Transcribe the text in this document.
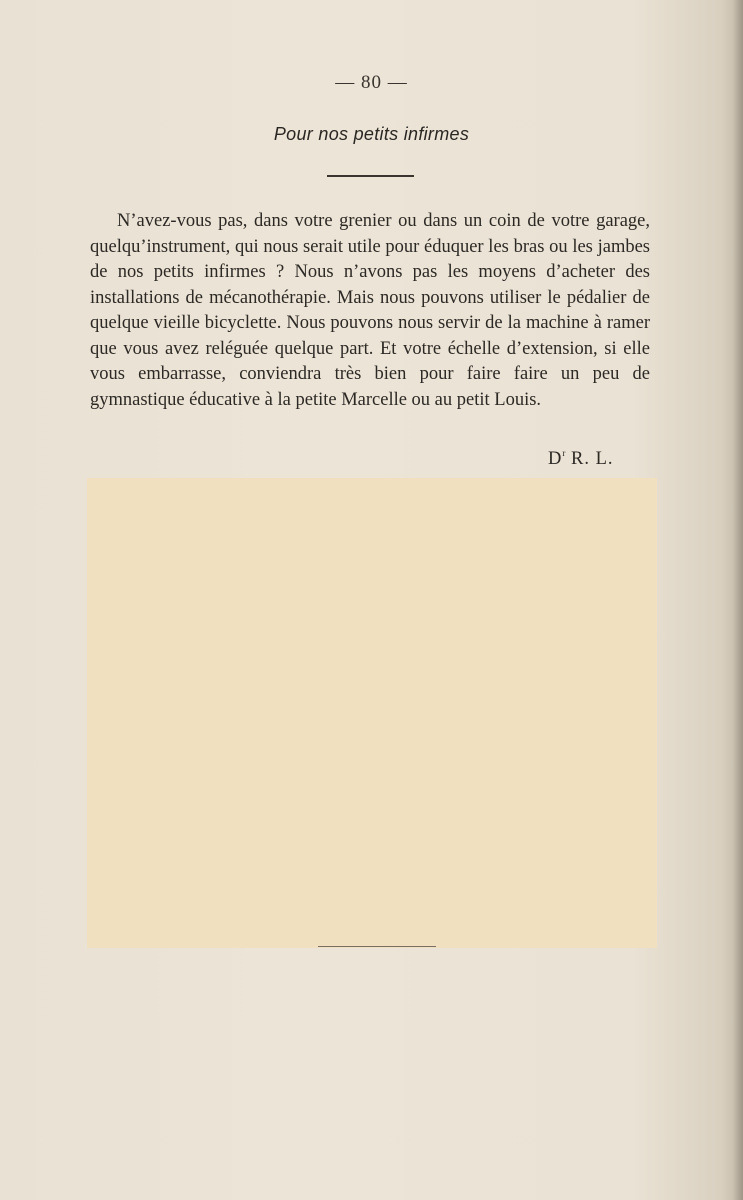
— 80 —
Pour nos petits infirmes

N’avez-vous pas, dans votre grenier ou dans un coin de votre garage, quelqu’instrument, qui nous serait utile pour éduquer les bras ou les jambes de nos petits infirmes ? Nous n’avons pas les moyens d’acheter des installations de mécanothérapie. Mais nous pouvons utiliser le pédalier de quelque vieille bicyclette. Nous pouvons nous servir de la machine à ramer que vous avez reléguée quelque part. Et votre échelle d’extension, si elle vous embarrasse, conviendra très bien pour faire faire un peu de gymnastique éducative à la petite Marcelle ou au petit Louis.

$D^r$ R. L.
